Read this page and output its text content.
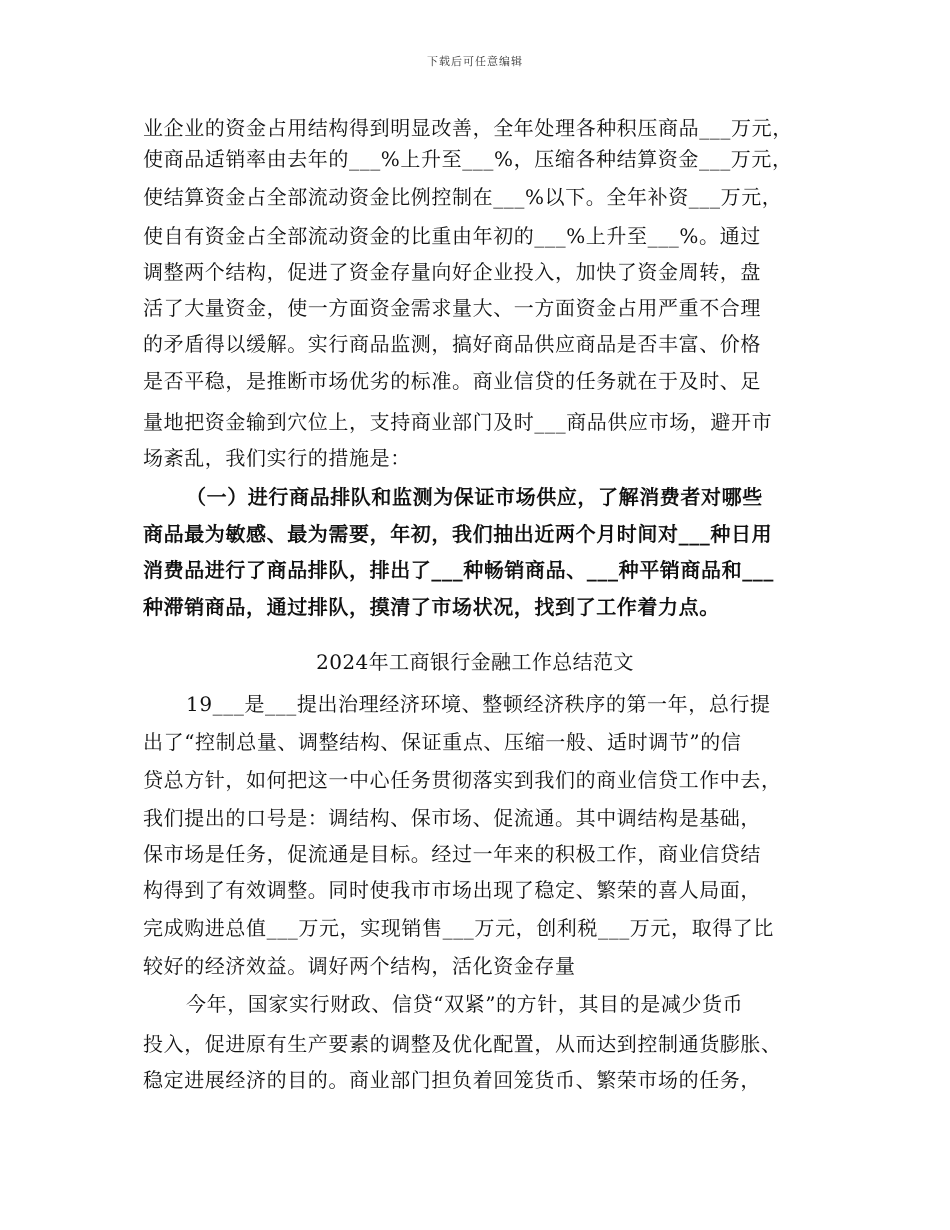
下载后可任意编辑
业企业的资金占用结构得到明显改善，全年处理各种积压商品___万元，
使商品适销率由去年的___%上升至___%，压缩各种结算资金___万元，
使结算资金占全部流动资金比例控制在___%以下。全年补资___万元，
使自有资金占全部流动资金的比重由年初的___%上升至___%。通过
调整两个结构，促进了资金存量向好企业投入，加快了资金周转，盘
活了大量资金，使一方面资金需求量大、一方面资金占用严重不合理
的矛盾得以缓解。实行商品监测，搞好商品供应商品是否丰富、价格
是否平稳，是推断市场优劣的标准。商业信贷的任务就在于及时、足
量地把资金输到穴位上，支持商业部门及时___商品供应市场，避开市
场紊乱，我们实行的措施是：
（一）进行商品排队和监测为保证市场供应，了解消费者对哪些
商品最为敏感、最为需要，年初，我们抽出近两个月时间对___种日用
消费品进行了商品排队，排出了___种畅销商品、___种平销商品和___
种滞销商品，通过排队，摸清了市场状况，找到了工作着力点。
2024年工商银行金融工作总结范文
19___是___提出治理经济环境、整顿经济秩序的第一年，总行提
出了“控制总量、调整结构、保证重点、压缩一般、适时调节”的信
贷总方针，如何把这一中心任务贯彻落实到我们的商业信贷工作中去，
我们提出的口号是：调结构、保市场、促流通。其中调结构是基础，
保市场是任务，促流通是目标。经过一年来的积极工作，商业信贷结
构得到了有效调整。同时使我市市场出现了稳定、繁荣的喜人局面，
完成购进总值___万元，实现销售___万元，创利税___万元，取得了比
较好的经济效益。调好两个结构，活化资金存量
今年，国家实行财政、信贷“双紧”的方针，其目的是减少货币
投入，促进原有生产要素的调整及优化配置，从而达到控制通货膨胀、
稳定进展经济的目的。商业部门担负着回笼货币、繁荣市场的任务，
